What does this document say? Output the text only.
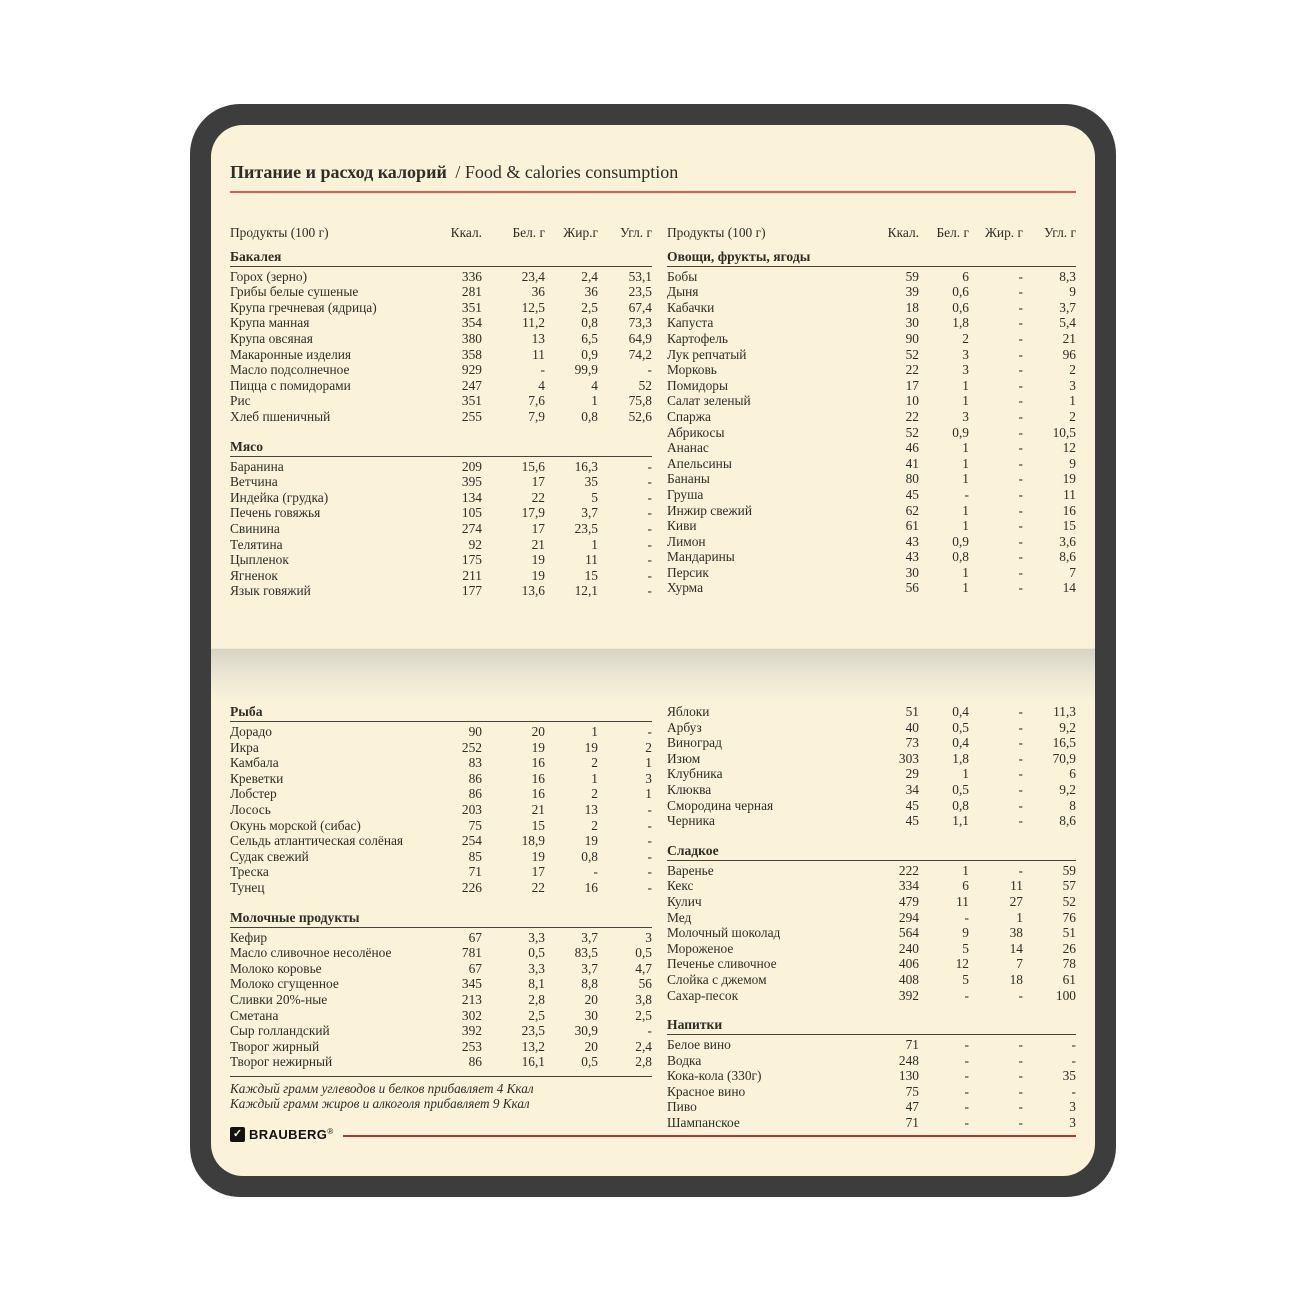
Питание и расход калорий / Food & calories consumption
Продукты (100 г)	Ккал.	Бел. г	Жир.г	Угл. г
Бакалея
Горох (зерно)	336	23,4	2,4	53,1
Грибы белые сушеные	281	36	36	23,5
Крупа гречневая (ядрица)	351	12,5	2,5	67,4
Крупа манная	354	11,2	0,8	73,3
Крупа овсяная	380	13	6,5	64,9
Макаронные изделия	358	11	0,9	74,2
Масло подсолнечное	929	-	99,9	-
Пицца с помидорами	247	4	4	52
Рис	351	7,6	1	75,8
Хлеб пшеничный	255	7,9	0,8	52,6
Мясо
Баранина	209	15,6	16,3	-
Ветчина	395	17	35	-
Индейка (грудка)	134	22	5	-
Печень говяжья	105	17,9	3,7	-
Свинина	274	17	23,5	-
Телятина	92	21	1	-
Цыпленок	175	19	11	-
Ягненок	211	19	15	-
Язык говяжий	177	13,6	12,1	-
Продукты (100 г)	Ккал.	Бел. г	Жир. г	Угл. г
Овощи, фрукты, ягоды
Бобы	59	6	-	8,3
Дыня	39	0,6	-	9
Кабачки	18	0,6	-	3,7
Капуста	30	1,8	-	5,4
Картофель	90	2	-	21
Лук репчатый	52	3	-	96
Морковь	22	3	-	2
Помидоры	17	1	-	3
Салат зеленый	10	1	-	1
Спаржа	22	3	-	2
Абрикосы	52	0,9	-	10,5
Ананас	46	1	-	12
Апельсины	41	1	-	9
Бананы	80	1	-	19
Груша	45	-	-	11
Инжир свежий	62	1	-	16
Киви	61	1	-	15
Лимон	43	0,9	-	3,6
Мандарины	43	0,8	-	8,6
Персик	30	1	-	7
Хурма	56	1	-	14
Рыба
Дорадо	90	20	1	-
Икра	252	19	19	2
Камбала	83	16	2	1
Креветки	86	16	1	3
Лобстер	86	16	2	1
Лосось	203	21	13	-
Окунь морской (сибас)	75	15	2	-
Сельдь атлантическая солёная	254	18,9	19	-
Судак свежий	85	19	0,8	-
Треска	71	17	-	-
Тунец	226	22	16	-
Молочные продукты
Кефир	67	3,3	3,7	3
Масло сливочное несолёное	781	0,5	83,5	0,5
Молоко коровье	67	3,3	3,7	4,7
Молоко сгущенное	345	8,1	8,8	56
Сливки 20%-ные	213	2,8	20	3,8
Сметана	302	2,5	30	2,5
Сыр голландский	392	23,5	30,9	-
Творог жирный	253	13,2	20	2,4
Творог нежирный	86	16,1	0,5	2,8
Каждый грамм углеводов и белков прибавляет 4 Ккал
Каждый грамм жиров и алкоголя прибавляет 9 Ккал
Яблоки	51	0,4	-	11,3
Арбуз	40	0,5	-	9,2
Виноград	73	0,4	-	16,5
Изюм	303	1,8	-	70,9
Клубника	29	1	-	6
Клюква	34	0,5	-	9,2
Смородина черная	45	0,8	-	8
Черника	45	1,1	-	8,6
Сладкое
Варенье	222	1	-	59
Кекс	334	6	11	57
Кулич	479	11	27	52
Мед	294	-	1	76
Молочный шоколад	564	9	38	51
Мороженое	240	5	14	26
Печенье сливочное	406	12	7	78
Слойка с джемом	408	5	18	61
Сахар-песок	392	-	-	100
Напитки
Белое вино	71	-	-	-
Водка	248	-	-	-
Кока-кола (330г)	130	-	-	35
Красное вино	75	-	-	-
Пиво	47	-	-	3
Шампанское	71	-	-	3
✓ BRAUBERG ®
